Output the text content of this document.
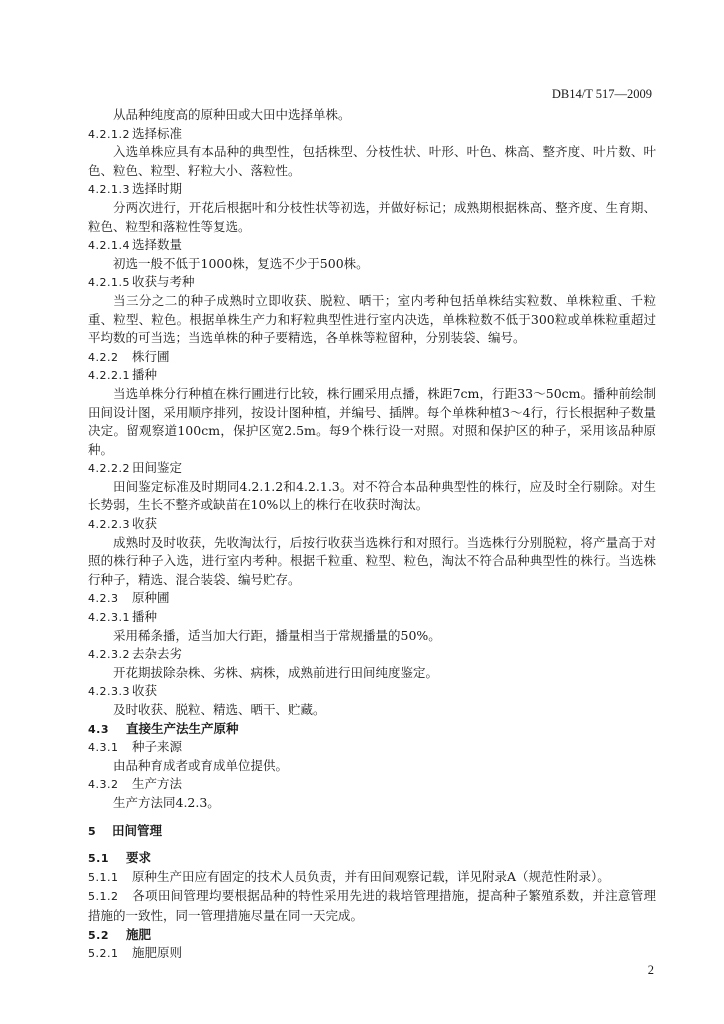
DB14/T 517—2009
从品种纯度高的原种田或大田中选择单株。
4.2.1.2 选择标准
入选单株应具有本品种的典型性，包括株型、分枝性状、叶形、叶色、株高、整齐度、叶片数、叶色、粒色、粒型、籽粒大小、落粒性。
4.2.1.3 选择时期
分两次进行，开花后根据叶和分枝性状等初选，并做好标记；成熟期根据株高、整齐度、生育期、粒色、粒型和落粒性等复选。
4.2.1.4 选择数量
初选一般不低于1000株，复选不少于500株。
4.2.1.5 收获与考种
当三分之二的种子成熟时立即收获、脱粒、晒干；室内考种包括单株结实粒数、单株粒重、千粒重、粒型、粒色。根据单株生产力和籽粒典型性进行室内决选，单株粒数不低于300粒或单株粒重超过平均数的可当选；当选单株的种子要精选，各单株等粒留种，分别装袋、编号。
4.2.2 株行圃
4.2.2.1 播种
当选单株分行种植在株行圃进行比较，株行圃采用点播，株距7cm，行距33～50cm。播种前绘制田间设计图，采用顺序排列，按设计图种植，并编号、插牌。每个单株种植3～4行，行长根据种子数量决定。留观察道100cm，保护区宽2.5m。每9个株行设一对照。对照和保护区的种子，采用该品种原种。
4.2.2.2 田间鉴定
田间鉴定标准及时期同4.2.1.2和4.2.1.3。对不符合本品种典型性的株行，应及时全行剔除。对生长势弱，生长不整齐或缺苗在10%以上的株行在收获时淘汰。
4.2.2.3 收获
成熟时及时收获，先收淘汰行，后按行收获当选株行和对照行。当选株行分别脱粒，将产量高于对照的株行种子入选，进行室内考种。根据千粒重、粒型、粒色，淘汰不符合品种典型性的株行。当选株行种子，精选、混合装袋、编号贮存。
4.2.3 原种圃
4.2.3.1 播种
采用稀条播，适当加大行距，播量相当于常规播量的50%。
4.2.3.2 去杂去劣
开花期拔除杂株、劣株、病株，成熟前进行田间纯度鉴定。
4.2.3.3 收获
及时收获、脱粒、精选、晒干、贮藏。
4.3 直接生产法生产原种
4.3.1 种子来源
由品种育成者或育成单位提供。
4.3.2 生产方法
生产方法同4.2.3。
5 田间管理
5.1 要求
5.1.1 原种生产田应有固定的技术人员负责，并有田间观察记载，详见附录A（规范性附录）。
5.1.2 各项田间管理均要根据品种的特性采用先进的栽培管理措施，提高种子繁殖系数，并注意管理措施的一致性，同一管理措施尽量在同一天完成。
5.2 施肥
5.2.1 施肥原则
2
